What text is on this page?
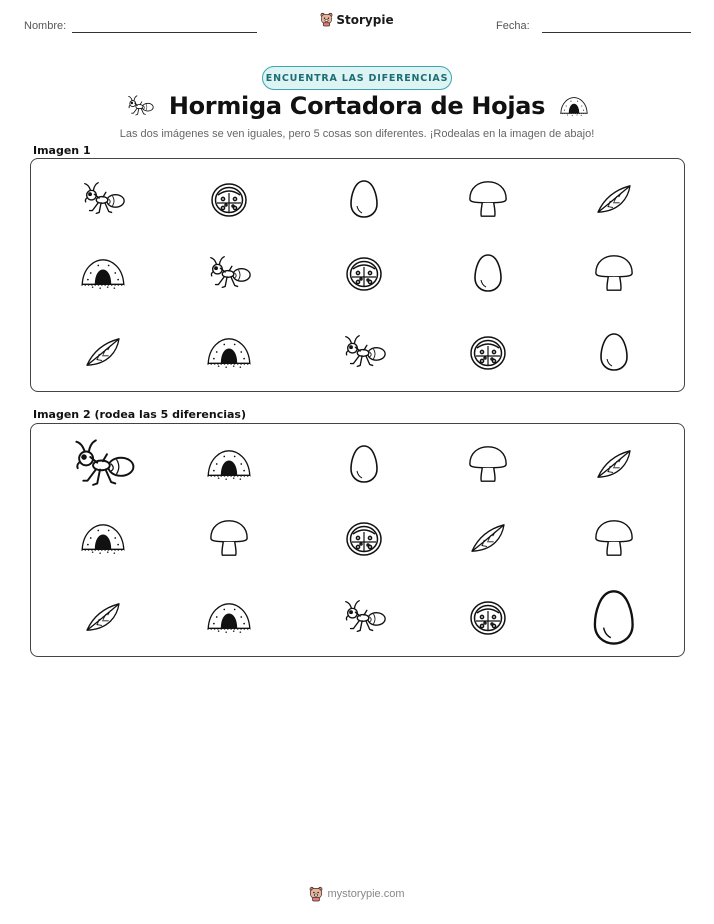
Nombre:	Storypie	Fecha:
ENCUENTRA LAS DIFERENCIAS
Hormiga Cortadora de Hojas
Las dos imágenes se ven iguales, pero 5 cosas son diferentes. ¡Rodealas en la imagen de abajo!
Imagen 1
Imagen 2 (rodea las 5 diferencias)
mystorypie.com
